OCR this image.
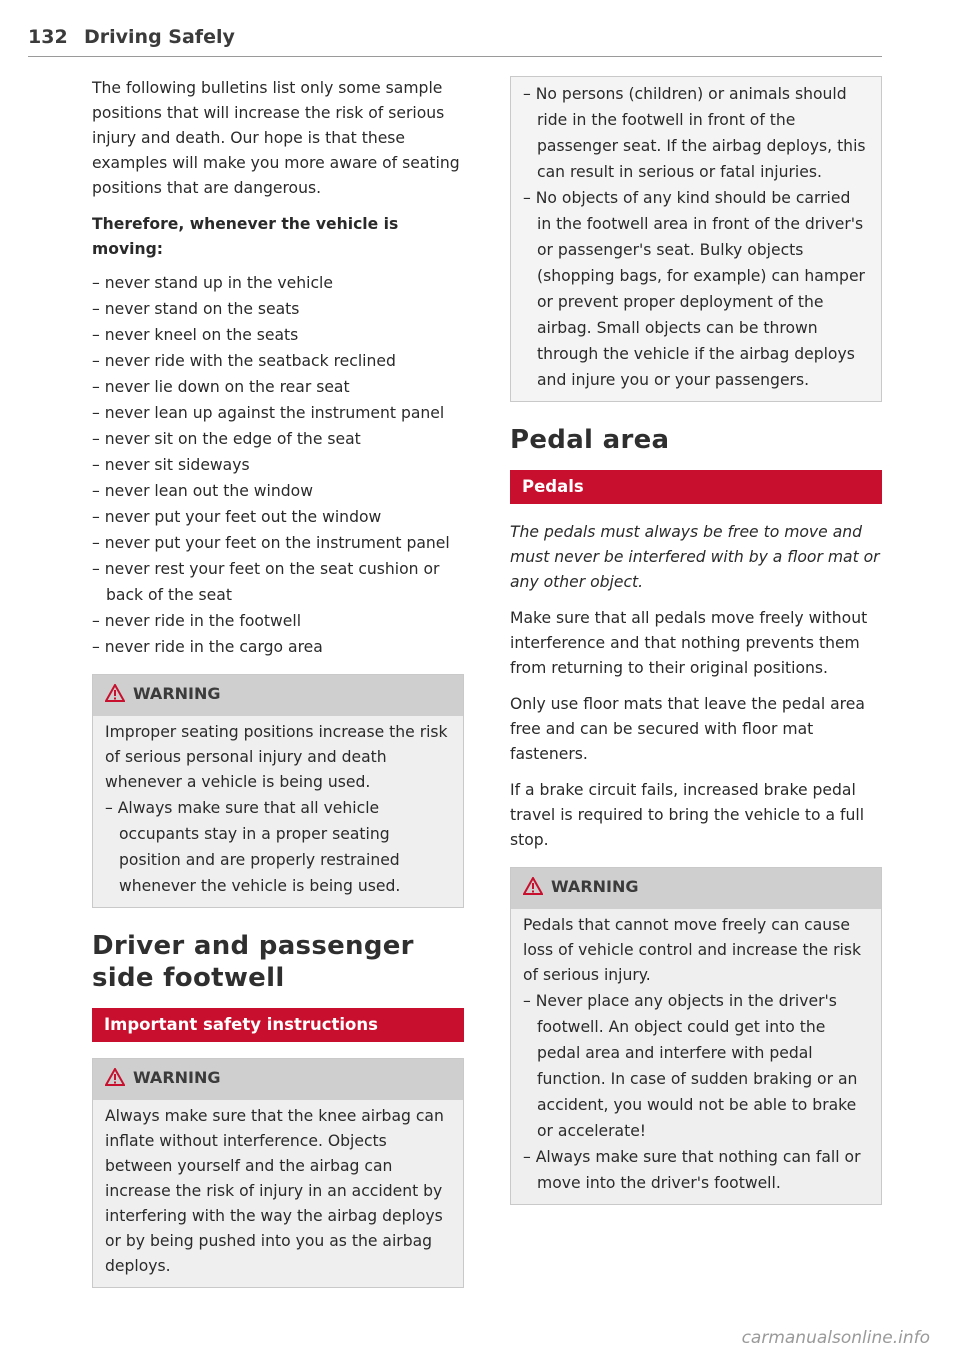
132 Driving Safely

The following bulletins list only some sample positions that will increase the risk of serious injury and death. Our hope is that these examples will make you more aware of seating positions that are dangerous.

Therefore, whenever the vehicle is moving:

– never stand up in the vehicle
– never stand on the seats
– never kneel on the seats
– never ride with the seatback reclined
– never lie down on the rear seat
– never lean up against the instrument panel
– never sit on the edge of the seat
– never sit sideways
– never lean out the window
– never put your feet out the window
– never put your feet on the instrument panel
– never rest your feet on the seat cushion or back of the seat
– never ride in the footwell
– never ride in the cargo area
WARNING

Improper seating positions increase the risk of serious personal injury and death whenever a vehicle is being used.

– Always make sure that all vehicle occupants stay in a proper seating position and are properly restrained whenever the vehicle is being used.
Driver and passenger side footwell
Important safety instructions
WARNING

Always make sure that the knee airbag can inflate without interference. Objects between yourself and the airbag can increase the risk of injury in an accident by interfering with the way the airbag deploys or by being pushed into you as the airbag deploys.

– No persons (children) or animals should ride in the footwell in front of the passenger seat. If the airbag deploys, this can result in serious or fatal injuries.
– No objects of any kind should be carried in the footwell area in front of the driver's or passenger's seat. Bulky objects (shopping bags, for example) can hamper or prevent proper deployment of the airbag. Small objects can be thrown through the vehicle if the airbag deploys and injure you or your passengers.
Pedal area
Pedals

The pedals must always be free to move and must never be interfered with by a floor mat or any other object.

Make sure that all pedals move freely without interference and that nothing prevents them from returning to their original positions.

Only use floor mats that leave the pedal area free and can be secured with floor mat fasteners.

If a brake circuit fails, increased brake pedal travel is required to bring the vehicle to a full stop.

WARNING

Pedals that cannot move freely can cause loss of vehicle control and increase the risk of serious injury.

– Never place any objects in the driver's footwell. An object could get into the pedal area and interfere with pedal function. In case of sudden braking or an accident, you would not be able to brake or accelerate!
– Always make sure that nothing can fall or move into the driver's footwell.
carmanualsonline.info
